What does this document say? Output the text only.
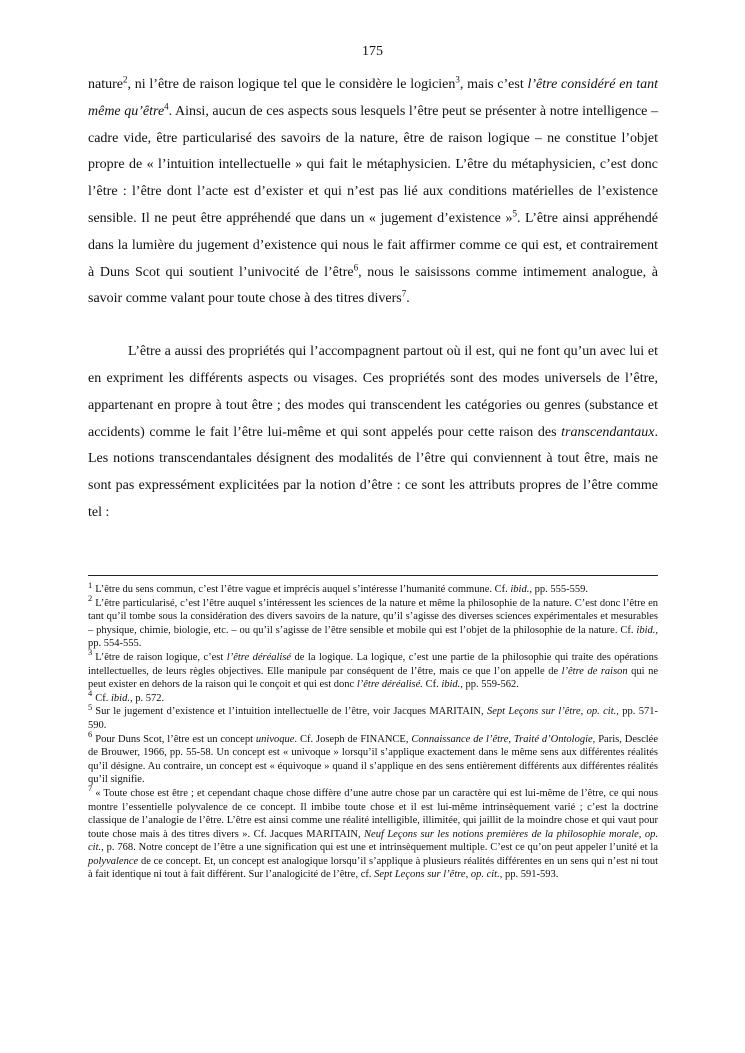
175

nature$^2$, ni l’être de raison logique tel que le considère le logicien$^3$, mais c’est l’être considéré en tant même qu’être$^4$. Ainsi, aucun de ces aspects sous lesquels l’être peut se présenter à notre intelligence – cadre vide, être particularisé des savoirs de la nature, être de raison logique – ne constitue l’objet propre de « l’intuition intellectuelle » qui fait le métaphysicien. L’être du métaphysicien, c’est donc l’être : l’être dont l’acte est d’exister et qui n’est pas lié aux conditions matérielles de l’existence sensible. Il ne peut être appréhendé que dans un « jugement d’existence »$^5$. L’être ainsi appréhendé dans la lumière du jugement d’existence qui nous le fait affirmer comme ce qui est, et contrairement à Duns Scot qui soutient l’univocité de l’être$^6$, nous le saisissons comme intimement analogue, à savoir comme valant pour toute chose à des titres divers$^7$.

L’être a aussi des propriétés qui l’accompagnent partout où il est, qui ne font qu’un avec lui et en expriment les différents aspects ou visages. Ces propriétés sont des modes universels de l’être, appartenant en propre à tout être ; des modes qui transcendent les catégories ou genres (substance et accidents) comme le fait l’être lui-même et qui sont appelés pour cette raison des transcendantaux. Les notions transcendantales désignent des modalités de l’être qui conviennent à tout être, mais ne sont pas expressément explicitées par la notion d’être : ce sont les attributs propres de l’être comme tel :

$^1$ L’être du sens commun, c’est l’être vague et imprécis auquel s’intéresse l’humanité commune. Cf. ibid., pp. 555-559.

$^2$ L’être particularisé, c’est l’être auquel s’intéressent les sciences de la nature et même la philosophie de la nature. C’est donc l’être en tant qu’il tombe sous la considération des divers savoirs de la nature, qu’il s’agisse des diverses sciences expérimentales et mesurables – physique, chimie, biologie, etc. – ou qu’il s’agisse de l’être sensible et mobile qui est l’objet de la philosophie de la nature. Cf. ibid., pp. 554-555.

$^3$ L’être de raison logique, c’est l’être déréalisé de la logique. La logique, c’est une partie de la philosophie qui traite des opérations intellectuelles, de leurs règles objectives. Elle manipule par conséquent de l’être, mais ce que l’on appelle de l’être de raison qui ne peut exister en dehors de la raison qui le conçoit et qui est donc l’être déréalisé. Cf. ibid., pp. 559-562.

$^4$ Cf. ibid., p. 572.

$^5$ Sur le jugement d’existence et l’intuition intellectuelle de l’être, voir Jacques MARITAIN, Sept Leçons sur l’être, op. cit., pp. 571-590.

$^6$ Pour Duns Scot, l’être est un concept univoque. Cf. Joseph de FINANCE, Connaissance de l’être, Traité d’Ontologie, Paris, Desclée de Brouwer, 1966, pp. 55-58. Un concept est « univoque » lorsqu’il s’applique exactement dans le même sens aux différentes réalités qu’il désigne. Au contraire, un concept est « équivoque » quand il s’applique en des sens entièrement différents aux différentes réalités qu’il signifie.

$^7$ « Toute chose est être ; et cependant chaque chose diffère d’une autre chose par un caractère qui est lui-même de l’être, ce qui nous montre l’essentielle polyvalence de ce concept. Il imbibe toute chose et il est lui-même intrinsèquement varié ; c’est la doctrine classique de l’analogie de l’être. L’être est ainsi comme une réalité intelligible, illimitée, qui jaillit de la moindre chose et qui vaut pour toute chose mais à des titres divers ». Cf. Jacques MARITAIN, Neuf Leçons sur les notions premières de la philosophie morale, op. cit., p. 768. Notre concept de l’être a une signification qui est une et intrinsèquement multiple. C’est ce qu’on peut appeler l’unité et la polyvalence de ce concept. Et, un concept est analogique lorsqu’il s’applique à plusieurs réalités différentes en un sens qui n’est ni tout à fait identique ni tout à fait différent. Sur l’analogicité de l’être, cf. Sept Leçons sur l’être, op. cit., pp. 591-593.
